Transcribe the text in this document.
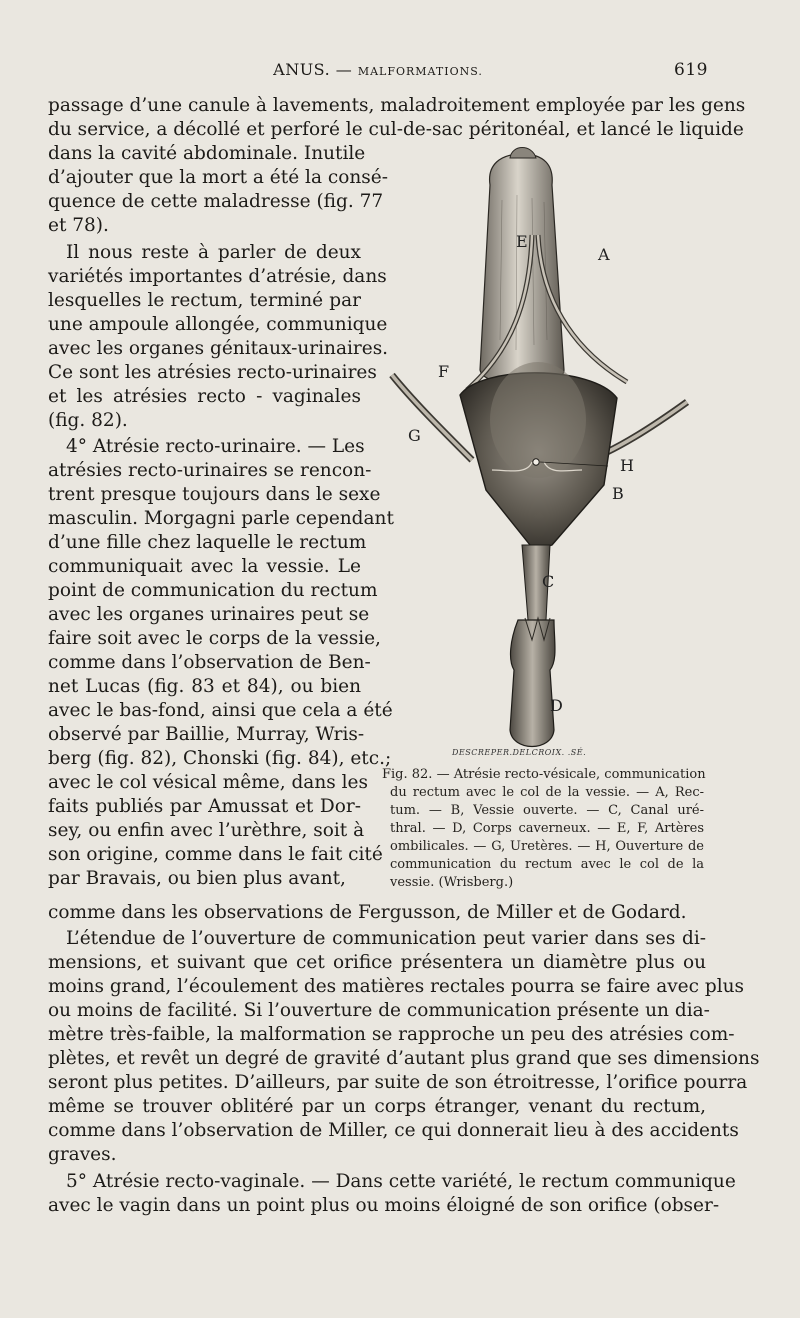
ANUS. — MALFORMATIONS.	619
passage d’une canule à lavements, maladroitement employée par les gens
du service, a décollé et perforé le cul-de-sac péritonéal, et lancé le liquide
dans la cavité abdominale. Inutile
d’ajouter que la mort a été la consé-
quence de cette maladresse (fig. 77
et 78).
Il nous reste à parler de deux
variétés importantes d’atrésie, dans
lesquelles le rectum, terminé par
une ampoule allongée, communique
avec les organes génitaux-urinaires.
Ce sont les atrésies recto-urinaires
et les atrésies recto - vaginales
(fig. 82).
4° Atrésie recto-urinaire. — Les
atrésies recto-urinaires se rencon-
trent presque toujours dans le sexe
masculin. Morgagni parle cependant
d’une fille chez laquelle le rectum
communiquait avec la vessie. Le
point de communication du rectum
avec les organes urinaires peut se
faire soit avec le corps de la vessie,
comme dans l’observation de Ben-
net Lucas (fig. 83 et 84), ou bien
avec le bas-fond, ainsi que cela a été
observé par Baillie, Murray, Wris-
berg (fig. 82), Chonski (fig. 84), etc.;
avec le col vésical même, dans les
faits publiés par Amussat et Dor-
sey, ou enfin avec l’urèthre, soit à
son origine, comme dans le fait cité
par Bravais, ou bien plus avant,
comme dans les observations de Fergusson, de Miller et de Godard.
L’étendue de l’ouverture de communication peut varier dans ses di-
mensions, et suivant que cet orifice présentera un diamètre plus ou
moins grand, l’écoulement des matières rectales pourra se faire avec plus
ou moins de facilité. Si l’ouverture de communication présente un dia-
mètre très-faible, la malformation se rapproche un peu des atrésies com-
plètes, et revêt un degré de gravité d’autant plus grand que ses dimensions
seront plus petites. D’ailleurs, par suite de son étroitresse, l’orifice pourra
même se trouver oblitéré par un corps étranger, venant du rectum,
comme dans l’observation de Miller, ce qui donnerait lieu à des accidents
graves.
5° Atrésie recto-vaginale. — Dans cette variété, le rectum communique
avec le vagin dans un point plus ou moins éloigné de son orifice (obser-
E
A
F
G
H
B
C
D
DESCREPER.DELCROIX. .SÉ.
Fig. 82. — Atrésie recto-vésicale, communication
du rectum avec le col de la vessie. — A, Rec-
tum. — B, Vessie ouverte. — C, Canal uré-
thral. — D, Corps caverneux. — E, F, Artères
ombilicales. — G, Uretères. — H, Ouverture de
communication du rectum avec le col de la
vessie. (Wrisberg.)
